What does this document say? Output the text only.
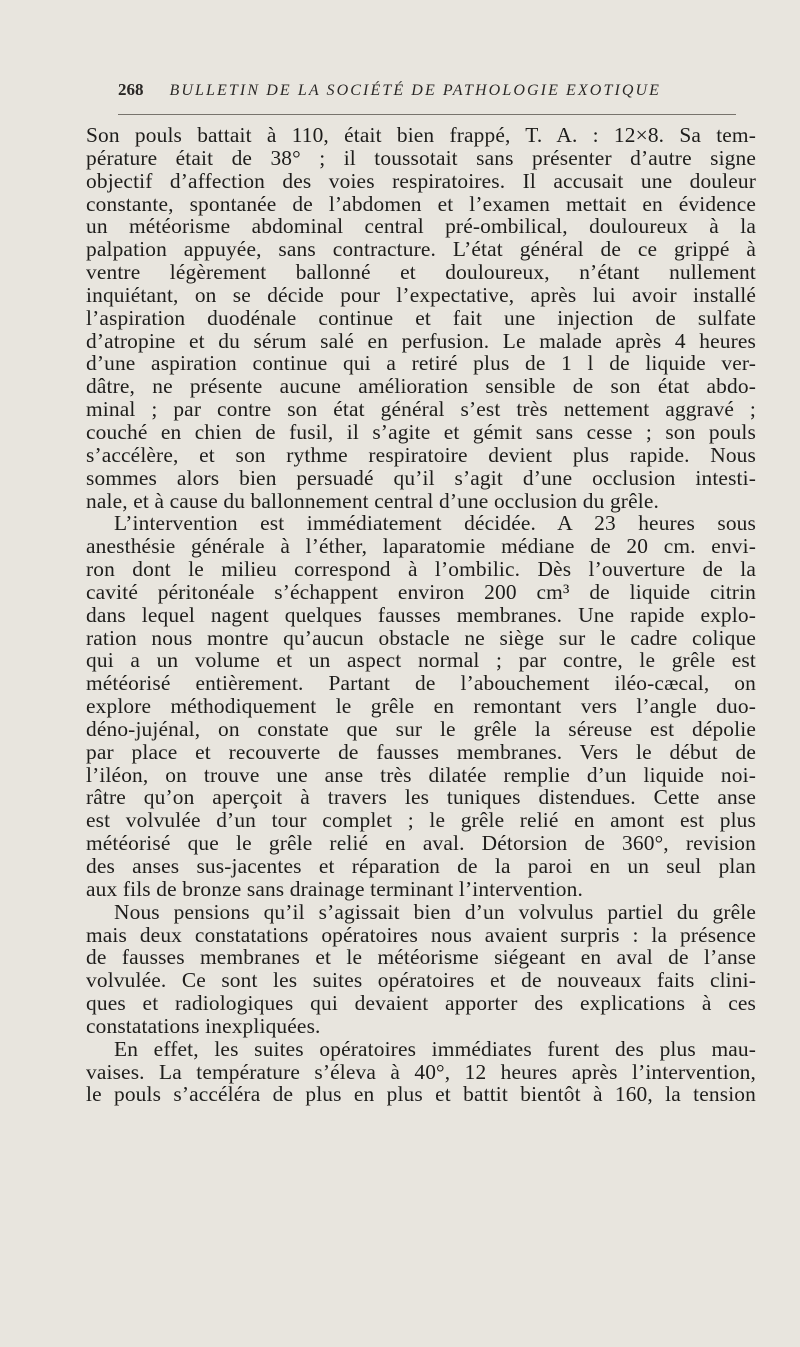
268 BULLETIN DE LA SOCIÉTÉ DE PATHOLOGIE EXOTIQUE
Son pouls battait à 110, était bien frappé, T. A. : 12×8. Sa tem-
pérature était de 38° ; il toussotait sans présenter d’autre signe
objectif d’affection des voies respiratoires. Il accusait une douleur
constante, spontanée de l’abdomen et l’examen mettait en évidence
un météorisme abdominal central pré-ombilical, douloureux à la
palpation appuyée, sans contracture. L’état général de ce grippé à
ventre légèrement ballonné et douloureux, n’étant nullement
inquiétant, on se décide pour l’expectative, après lui avoir installé
l’aspiration duodénale continue et fait une injection de sulfate
d’atropine et du sérum salé en perfusion. Le malade après 4 heures
d’une aspiration continue qui a retiré plus de 1 l de liquide ver-
dâtre, ne présente aucune amélioration sensible de son état abdo-
minal ; par contre son état général s’est très nettement aggravé ;
couché en chien de fusil, il s’agite et gémit sans cesse ; son pouls
s’accélère, et son rythme respiratoire devient plus rapide. Nous
sommes alors bien persuadé qu’il s’agit d’une occlusion intesti-
nale, et à cause du ballonnement central d’une occlusion du grêle.
L’intervention est immédiatement décidée. A 23 heures sous
anesthésie générale à l’éther, laparatomie médiane de 20 cm. envi-
ron dont le milieu correspond à l’ombilic. Dès l’ouverture de la
cavité péritonéale s’échappent environ 200 cm³ de liquide citrin
dans lequel nagent quelques fausses membranes. Une rapide explo-
ration nous montre qu’aucun obstacle ne siège sur le cadre colique
qui a un volume et un aspect normal ; par contre, le grêle est
météorisé entièrement. Partant de l’abouchement iléo-cæcal, on
explore méthodiquement le grêle en remontant vers l’angle duo-
déno-jujénal, on constate que sur le grêle la séreuse est dépolie
par place et recouverte de fausses membranes. Vers le début de
l’iléon, on trouve une anse très dilatée remplie d’un liquide noi-
râtre qu’on aperçoit à travers les tuniques distendues. Cette anse
est volvulée d’un tour complet ; le grêle relié en amont est plus
météorisé que le grêle relié en aval. Détorsion de 360°, revision
des anses sus-jacentes et réparation de la paroi en un seul plan
aux fils de bronze sans drainage terminant l’intervention.
Nous pensions qu’il s’agissait bien d’un volvulus partiel du grêle
mais deux constatations opératoires nous avaient surpris : la présence
de fausses membranes et le météorisme siégeant en aval de l’anse
volvulée. Ce sont les suites opératoires et de nouveaux faits clini-
ques et radiologiques qui devaient apporter des explications à ces
constatations inexpliquées.
En effet, les suites opératoires immédiates furent des plus mau-
vaises. La température s’éleva à 40°, 12 heures après l’intervention,
le pouls s’accéléra de plus en plus et battit bientôt à 160, la tension
